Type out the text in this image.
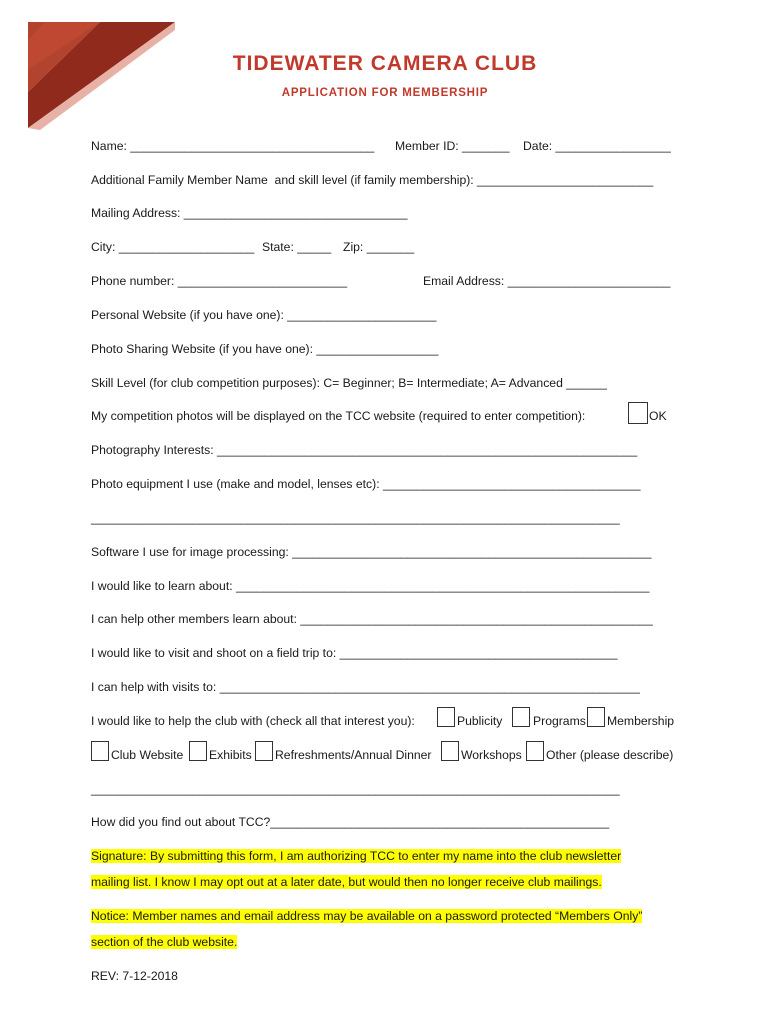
TIDEWATER CAMERA CLUB
APPLICATION FOR MEMBERSHIP
Name: ____________________________________ Member ID: _______ Date: _________________
Additional Family Member Name  and skill level (if family membership): __________________________
Mailing Address: _________________________________
City: ____________________ State: _____ Zip: _______
Phone number: _________________________	Email Address: ________________________
Personal Website (if you have one): ______________________
Photo Sharing Website (if you have one): __________________
Skill Level (for club competition purposes): C= Beginner; B= Intermediate; A= Advanced ______
My competition photos will be displayed on the TCC website (required to enter competition):	OK
Photography Interests: ______________________________________________________________
Photo equipment I use (make and model, lenses etc): ______________________________________
______________________________________________________________________________
Software I use for image processing: _____________________________________________________
I would like to learn about: _____________________________________________________________
I can help other members learn about: ____________________________________________________
I would like to visit and shoot on a field trip to: _________________________________________
I can help with visits to: ______________________________________________________________
I would like to help the club with (check all that interest you):	Publicity	Programs Membership
Club Website Exhibits Refreshments/Annual Dinner Workshops Other (please describe)
______________________________________________________________________________
How did you find out about TCC?__________________________________________________
Signature: By submitting this form, I am authorizing TCC to enter my name into the club newsletter
mailing list. I know I may opt out at a later date, but would then no longer receive club mailings.
Notice: Member names and email address may be available on a password protected “Members Only”
section of the club website.
REV: 7-12-2018
